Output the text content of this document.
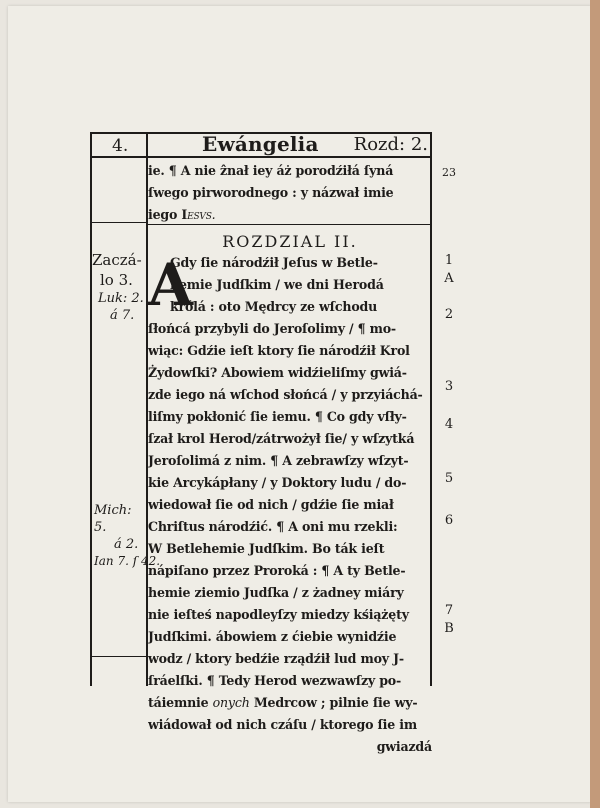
4.	Ewángelia Rozd: 2.
ie. ¶ A nie ẑnał iey áż porodźiłá ſyná
ſwego pirworodnego : y názwał imie
iego Iesvs.
ROZDZIAL II.
A
Gdy ſie národźił Jeſus w Betle-
hemie Judſkim / we dni Herodá
królá : oto Mędrcy ze wſchodu
ſłońcá przybyli do Jeroſolimy / ¶ mo-
wiąc: Gdźie ieſt ktory ſie národźił Krol
Żydowſki? Abowiem widźieliſmy gwiá-
zde iego ná wſchod słońcá / y przyiáchá-
liſmy pokłonić ſie iemu. ¶ Co gdy vſły-
ſzał krol Herod/zátrwożył ſie/ y wſzytká
Jeroſolimá z nim. ¶ A zebrawſzy wſzyt-
kie Arcykápłany / y Doktory ludu / do-
wiedował ſie od nich / gdźie ſie miał
Chriſtus národźić. ¶ A oni mu rzekli:
W Betlehemie Judſkim. Bo ták ieſt
nápiſano przez Proroká : ¶ A ty Betle-
hemie ziemio Judſka / z żadney miáry
nie ieſteś napodleyſzy miedzy kśiążęty
Judſkimi. ábowiem z ćiebie wynidźie
wodz / ktory bedźie rządźił lud moy J-
ſráelſki. ¶ Tedy Herod wezwawſzy po-
táiemnie onych Medrcow ; pilnie ſie wy-
wiádował od nich czáſu / ktorego ſie im
gwiazdá
Zaczá-
lo 3.
Luk: 2.
á 7.
Mich: 5.
á 2.
Ian 7. ſ 42.
23
1
A
2
3
4
5
6
7
B
